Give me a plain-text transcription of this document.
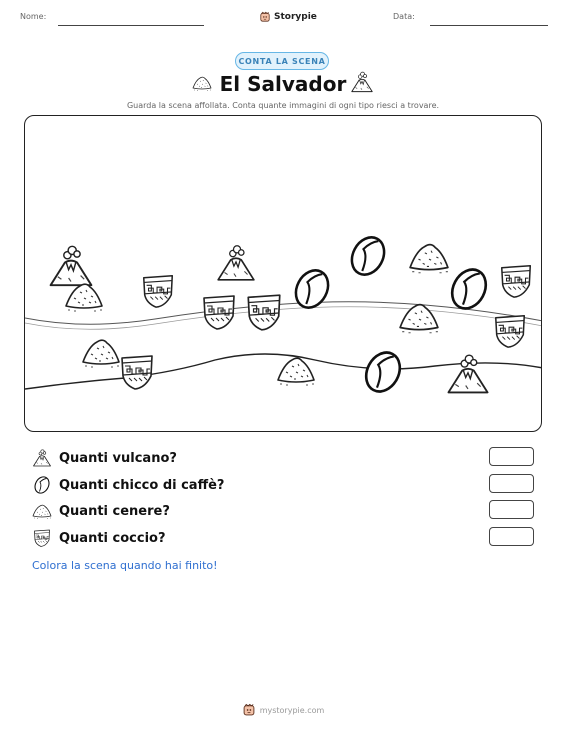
Nome:	Storypie	Data:
CONTA LA SCENA
El Salvador
Guarda la scena affollata. Conta quante immagini di ogni tipo riesci a trovare.
Quanti vulcano?
Quanti chicco di caffè?
Quanti cenere?
Quanti coccio?
Colora la scena quando hai finito!
mystorypie.com
